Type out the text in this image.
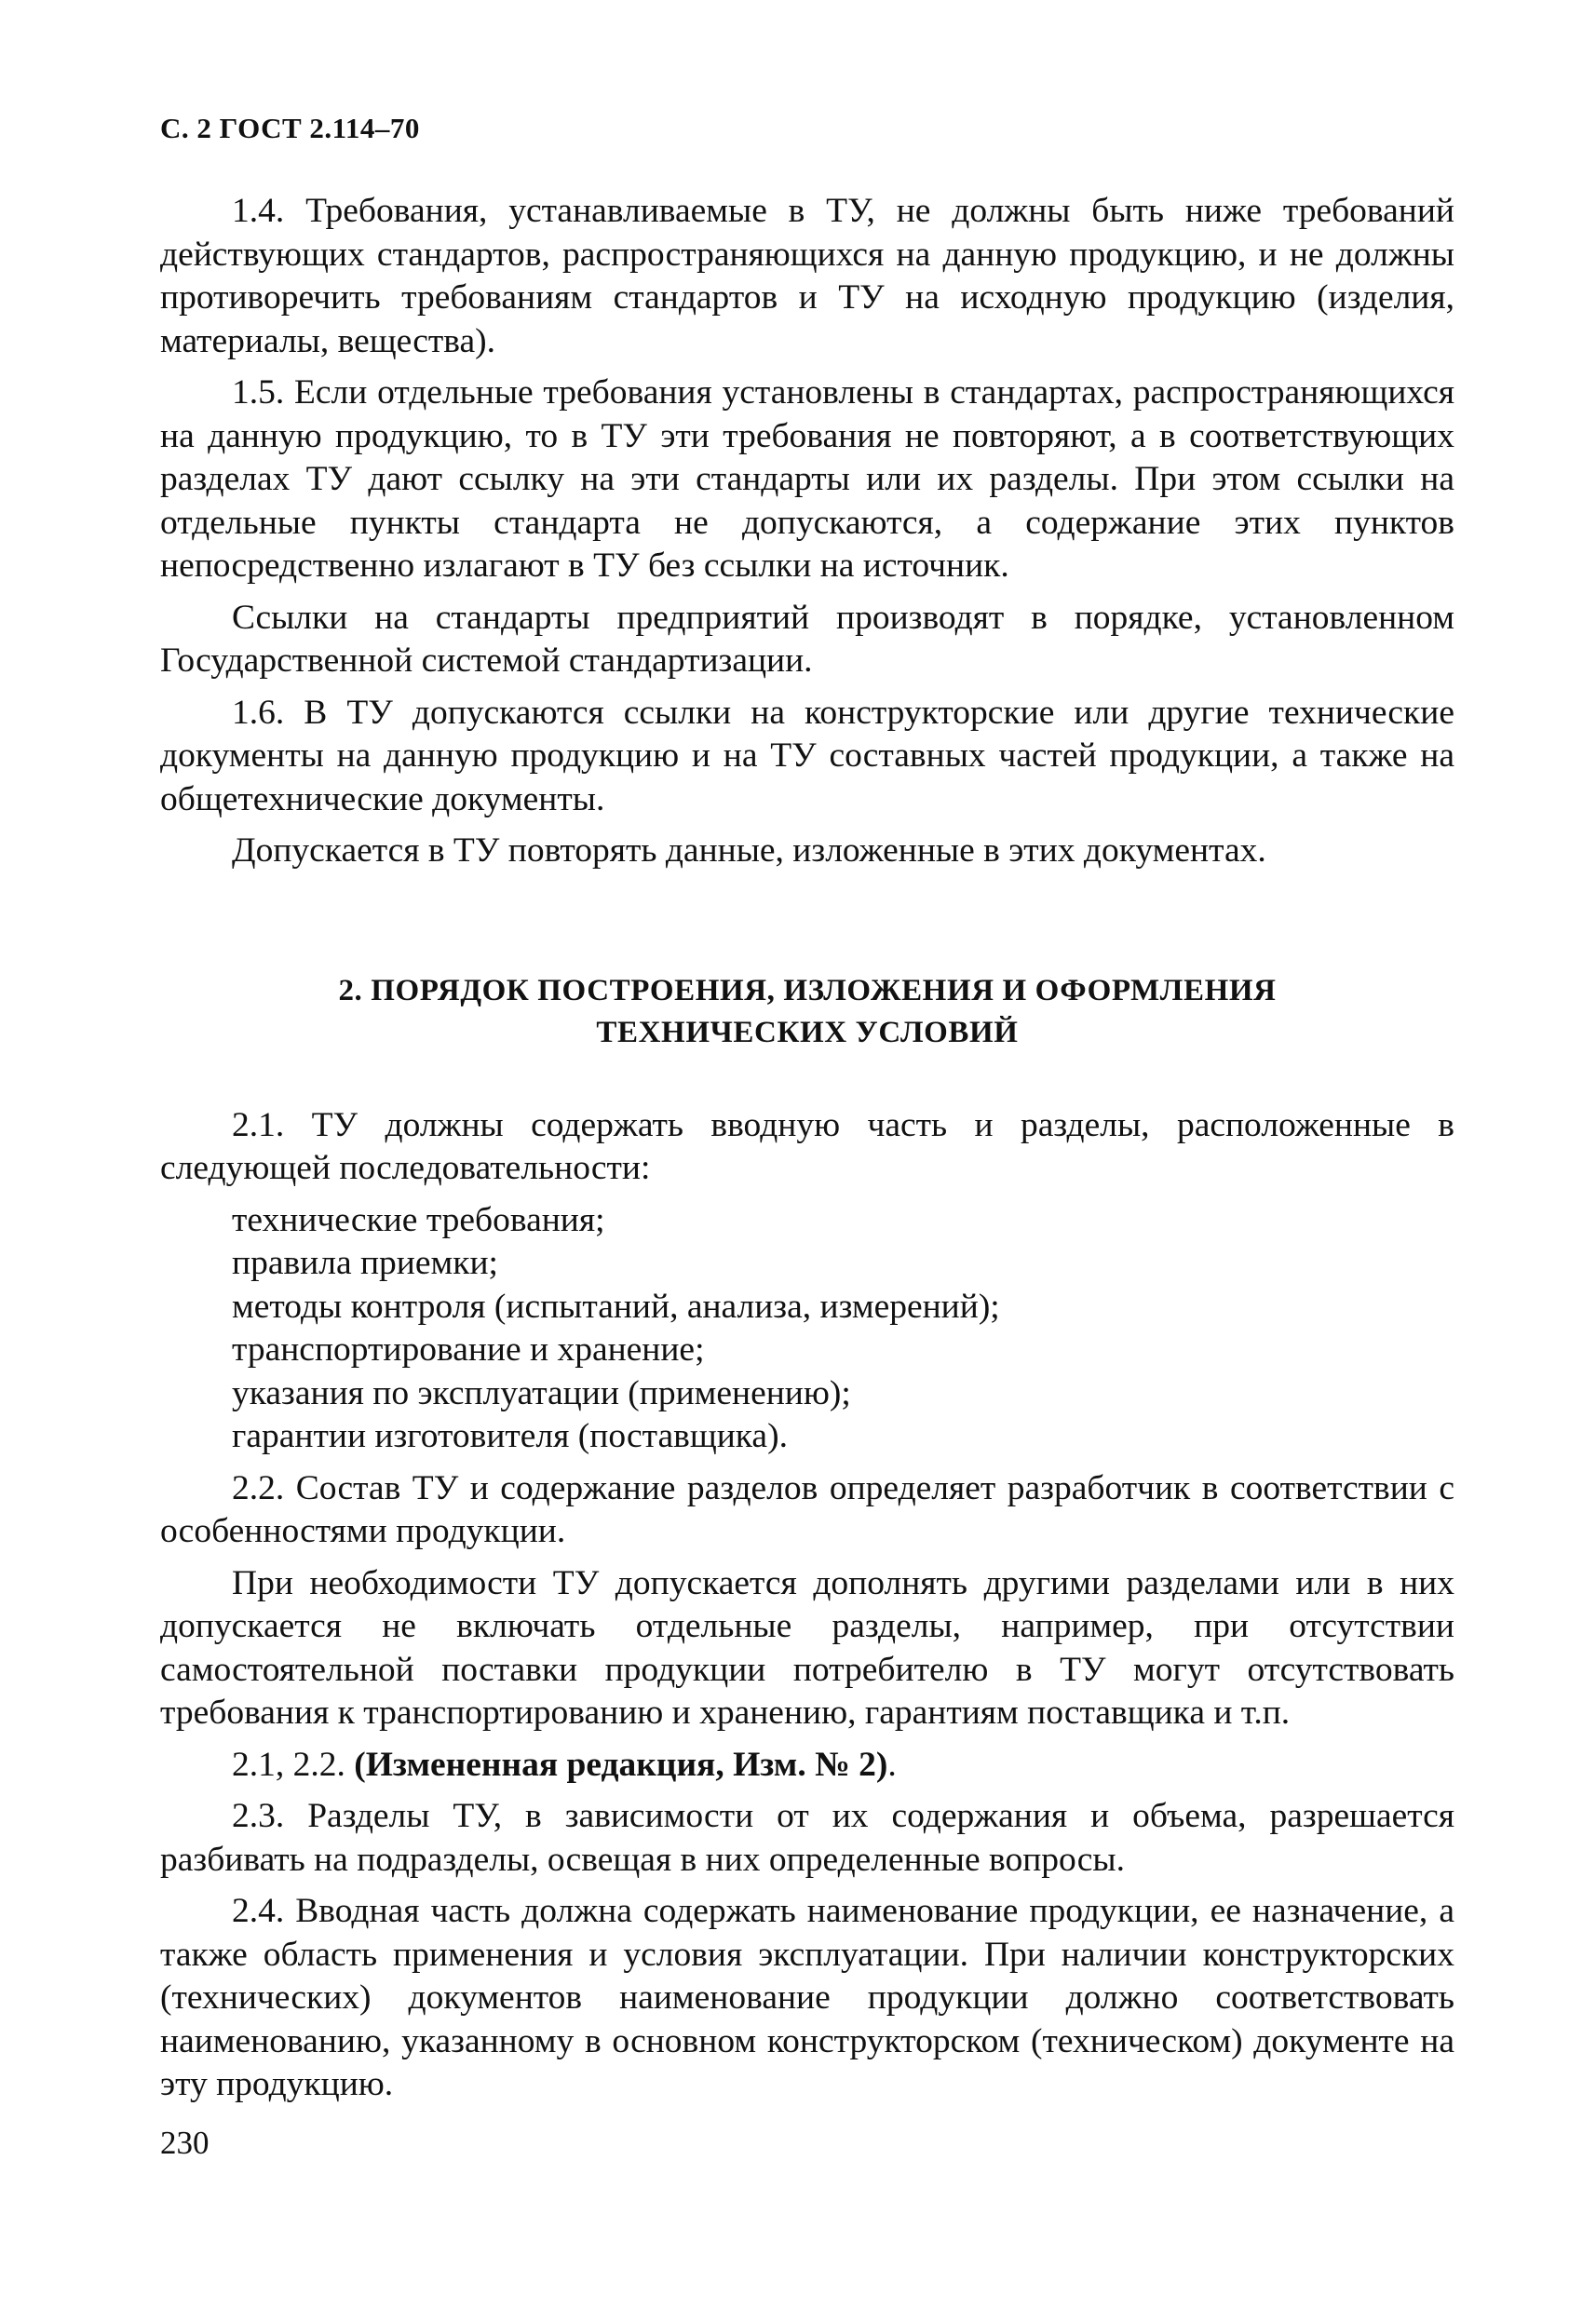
С. 2 ГОСТ 2.114–70

1.4. Требования, устанавливаемые в ТУ, не должны быть ниже требований действующих стандартов, распространяющихся на данную продукцию, и не должны противоречить требованиям стандартов и ТУ на исходную продукцию (изделия, материалы, вещества).

1.5. Если отдельные требования установлены в стандартах, распространяющихся на данную продукцию, то в ТУ эти требования не повторяют, а в соответствующих разделах ТУ дают ссылку на эти стандарты или их разделы. При этом ссылки на отдельные пункты стандарта не допускаются, а содержание этих пунктов непосредственно излагают в ТУ без ссылки на источник.

Ссылки на стандарты предприятий производят в порядке, установленном Государственной системой стандартизации.

1.6. В ТУ допускаются ссылки на конструкторские или другие технические документы на данную продукцию и на ТУ составных частей продукции, а также на общетехнические документы.

Допускается в ТУ повторять данные, изложенные в этих документах.

2. ПОРЯДОК ПОСТРОЕНИЯ, ИЗЛОЖЕНИЯ И ОФОРМЛЕНИЯ
ТЕХНИЧЕСКИХ УСЛОВИЙ

2.1. ТУ должны содержать вводную часть и разделы, расположенные в следующей последовательности:

технические требования;

правила приемки;

методы контроля (испытаний, анализа, измерений);

транспортирование и хранение;

указания по эксплуатации (применению);

гарантии изготовителя (поставщика).

2.2. Состав ТУ и содержание разделов определяет разработчик в соответствии с особенностями продукции.

При необходимости ТУ допускается дополнять другими разделами или в них допускается не включать отдельные разделы, например, при отсутствии самостоятельной поставки продукции потребителю в ТУ могут отсутствовать требования к транспортированию и хранению, гарантиям поставщика и т.п.

2.1, 2.2. (Измененная редакция, Изм. № 2).

2.3. Разделы ТУ, в зависимости от их содержания и объема, разрешается разбивать на подразделы, освещая в них определенные вопросы.

2.4. Вводная часть должна содержать наименование продукции, ее назначение, а также область применения и условия эксплуатации. При наличии конструкторских (технических) документов наименование продукции должно соответствовать наименованию, указанному в основном конструкторском (техническом) документе на эту продукцию.

230
